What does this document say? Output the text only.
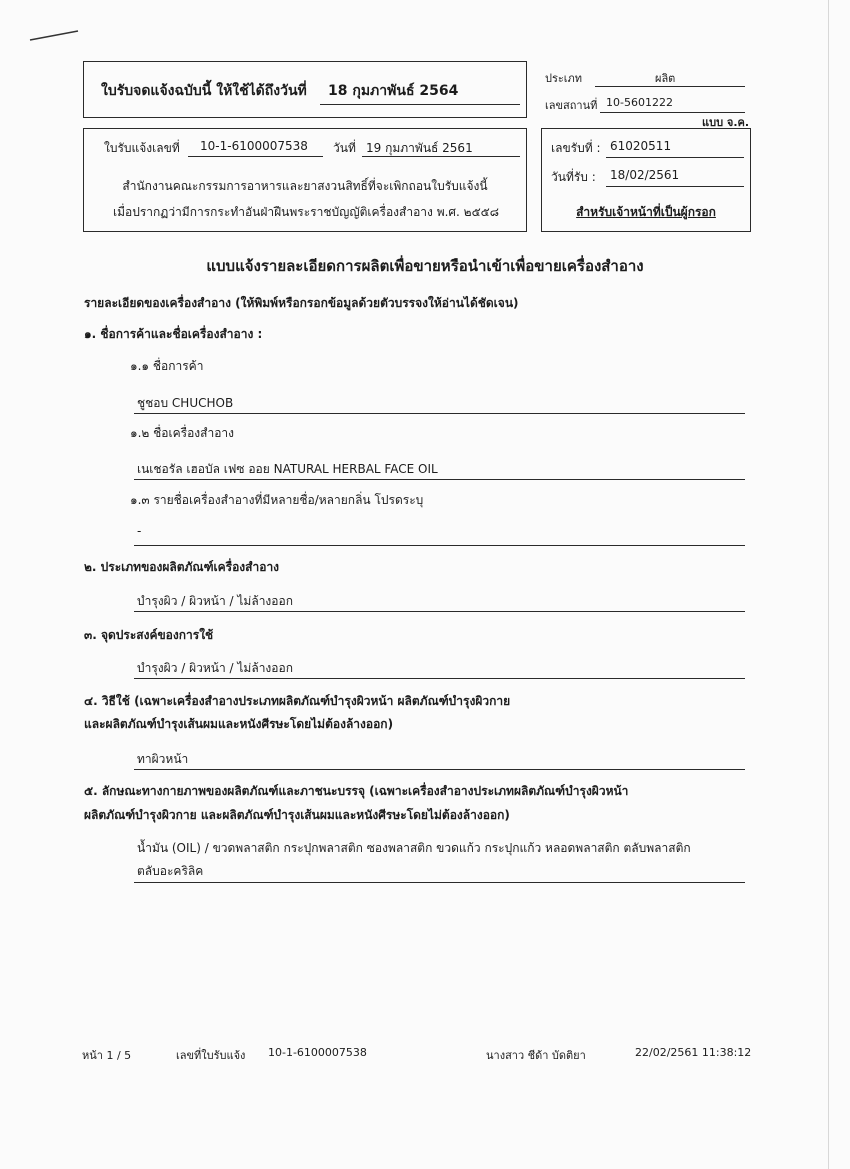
ใบรับจดแจ้งฉบับนี้ ให้ใช้ได้ถึงวันที่ 18 กุมภาพันธ์ 2564
ประเภท	ผลิต
เลขสถานที่ 10-5601222
แบบ จ.ค.
ใบรับแจ้งเลขที่ 10-1-6100007538 วันที่ 19 กุมภาพันธ์ 2561
สำนักงานคณะกรรมการอาหารและยาสงวนสิทธิ์ที่จะเพิกถอนใบรับแจ้งนี้
เมื่อปรากฏว่ามีการกระทำอันฝ่าฝืนพระราชบัญญัติเครื่องสำอาง พ.ศ. ๒๕๕๘
เลขรับที่ : 61020511
วันที่รับ : 18/02/2561
สำหรับเจ้าหน้าที่เป็นผู้กรอก
แบบแจ้งรายละเอียดการผลิตเพื่อขายหรือนำเข้าเพื่อขายเครื่องสำอาง
รายละเอียดของเครื่องสำอาง (ให้พิมพ์หรือกรอกข้อมูลด้วยตัวบรรจงให้อ่านได้ชัดเจน)
๑. ชื่อการค้าและชื่อเครื่องสำอาง :
๑.๑ ชื่อการค้า
ชูชอบ CHUCHOB
๑.๒ ชื่อเครื่องสำอาง
เนเชอรัล เฮอบัล เฟซ ออย NATURAL HERBAL FACE OIL
๑.๓ รายชื่อเครื่องสำอางที่มีหลายชื่อ/หลายกลิ่น โปรดระบุ
-
๒. ประเภทของผลิตภัณฑ์เครื่องสำอาง
บำรุงผิว / ผิวหน้า / ไม่ล้างออก
๓. จุดประสงค์ของการใช้
บำรุงผิว / ผิวหน้า / ไม่ล้างออก
๔. วิธีใช้ (เฉพาะเครื่องสำอางประเภทผลิตภัณฑ์บำรุงผิวหน้า ผลิตภัณฑ์บำรุงผิวกาย
และผลิตภัณฑ์บำรุงเส้นผมและหนังศีรษะโดยไม่ต้องล้างออก)
ทาผิวหน้า
๕. ลักษณะทางกายภาพของผลิตภัณฑ์และภาชนะบรรจุ (เฉพาะเครื่องสำอางประเภทผลิตภัณฑ์บำรุงผิวหน้า
ผลิตภัณฑ์บำรุงผิวกาย และผลิตภัณฑ์บำรุงเส้นผมและหนังศีรษะโดยไม่ต้องล้างออก)
น้ำมัน (OIL) / ขวดพลาสติก กระปุกพลาสติก ซองพลาสติก ขวดแก้ว กระปุกแก้ว หลอดพลาสติก ตลับพลาสติก
ตลับอะคริลิค
หน้า 1 / 5	เลขที่ใบรับแจ้ง 10-1-6100007538	นางสาว ชีด้า บัดติยา	22/02/2561 11:38:12
